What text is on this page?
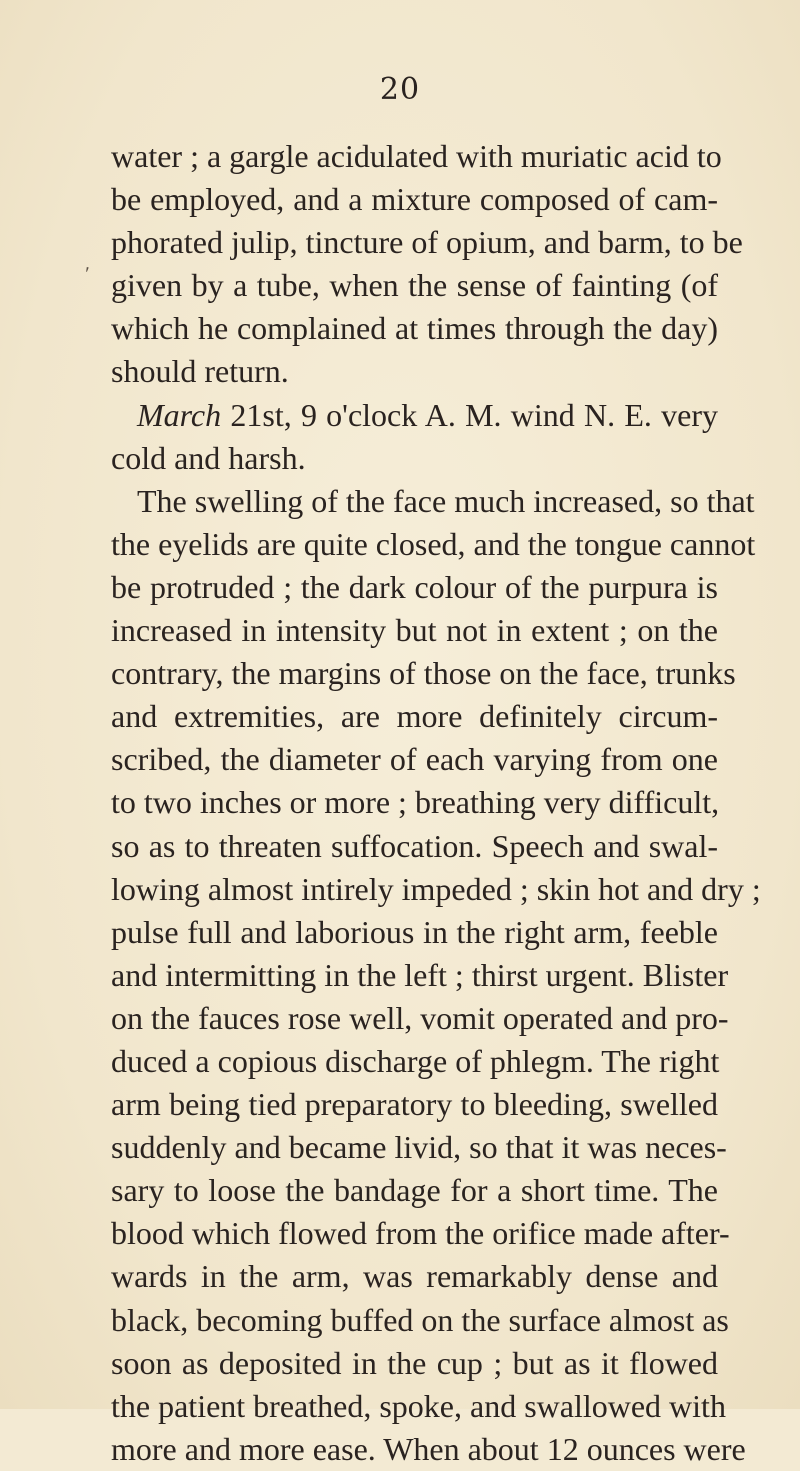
20
'
water ; a gargle acidulated with muriatic acid to
be employed, and a mixture composed of cam-
phorated julip, tincture of opium, and barm, to be
given by a tube, when the sense of fainting (of
which he complained at times through the day)
should return.
March 21st, 9 o'clock A. M. wind N. E. very
cold and harsh.
The swelling of the face much increased, so that
the eyelids are quite closed, and the tongue cannot
be protruded ; the dark colour of the purpura is
increased in intensity but not in extent ; on the
contrary, the margins of those on the face, trunks
and extremities, are more definitely circum-
scribed, the diameter of each varying from one
to two inches or more ; breathing very difficult,
so as to threaten suffocation. Speech and swal-
lowing almost intirely impeded ; skin hot and dry ;
pulse full and laborious in the right arm, feeble
and intermitting in the left ; thirst urgent. Blister
on the fauces rose well, vomit operated and pro-
duced a copious discharge of phlegm. The right
arm being tied preparatory to bleeding, swelled
suddenly and became livid, so that it was neces-
sary to loose the bandage for a short time. The
blood which flowed from the orifice made after-
wards in the arm, was remarkably dense and
black, becoming buffed on the surface almost as
soon as deposited in the cup ; but as it flowed
the patient breathed, spoke, and swallowed with
more and more ease. When about 12 ounces were
